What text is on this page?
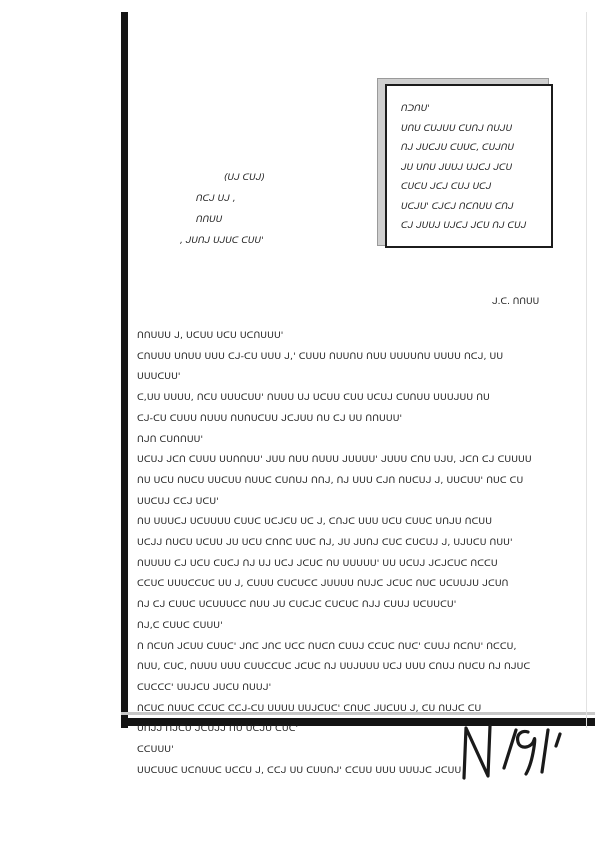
ᑎᑐᑎᑌ'
ᑌᑎᑌ ᑕᑌᒍᑌᑌ ᑕᑌᑎᒍ ᑎᑌᒍᑌ
ᑎᒍ ᒍᑌᑕᒍᑌ ᑕᑌᑌᑕ, ᑕᑌᒍᑎᑌ
ᒍᑌ ᑌᑎᑌ ᒍᑌᑌᒍ ᑌᒍᑕᒍ ᒍᑕᑌ
ᑕᑌᑕᑌ ᒍᑕᒍ ᑕᑌᒍ ᑌᑕᒍ
ᑌᑕᒍᑌ' ᑕᒍᑕᒍ ᑎᑕᑎᑌᑌ ᑕᑎᒍ
ᑕᒍ ᒍᑌᑌᒍ ᑌᒍᑕᒍ ᒍᑕᑌ ᑎᒍ ᑕᑌᒍ
(ᑌᒍ ᑕᑌᒍ)
ᑎᑕᒍ ᑌᒍ ,
ᑎᑎᑌᑌ
, ᒍᑌᑎᒍ ᑌᒍᑌᑕ ᑕᑌᑌ'
ᒍ.ᑕ. ᑎᑎᑌᑌ
ᑎᑎᑌᑌᑌ ᒍ, ᑌᑕᑌᑌ ᑌᑕᑌ ᑌᑕᑎᑌᑌᑌ'
ᑕᑎᑌᑌᑌ ᑌᑎᑌᑌ ᑌᑌᑌ ᑕᒍ-ᑕᑌ ᑌᑌᑌ ᒍ,' ᑕᑌᑌᑌ ᑎᑌᑌᑎᑌ ᑎᑌᑌ ᑌᑌᑌᑌᑎᑌ ᑌᑌᑌᑌ ᑎᑕᒍ, ᑌᑌ
ᑌᑌᑌᑕᑌᑌ'
ᑕ,ᑌᑌ ᑌᑌᑌᑌ, ᑎᑕᑌ ᑌᑌᑌᑕᑌᑌ' ᑎᑌᑌᑌ ᑌᒍ ᑌᑕᑌᑌ ᑕᑌᑌ ᑌᑕᑌᒍ ᑕᑌᑎᑌᑌ ᑌᑌᑌᒍᑌᑌ ᑎᑌ
ᑕᒍ-ᑕᑌ ᑕᑌᑌᑌ ᑎᑌᑌᑌ ᑎᑌᑎᑌᑕᑌᑌ ᒍᑕᒍᑌᑌ ᑎᑌ ᑕᒍ ᑌᑌ ᑎᑎᑌᑌᑌ'
ᑎᒍᑎ ᑕᑌᑎᑎᑌᑌ'
ᑌᑕᑌᒍ ᒍᑕᑎ ᑕᑌᑌᑌ ᑌᑌᑎᑎᑌᑌ' ᒍᑌᑌ ᑎᑌᑌ ᑎᑌᑌᑌ ᒍᑌᑌᑌᑌ' ᒍᑌᑌᑌ ᑕᑎᑌ ᑌᒍᑌ, ᒍᑕᑎ ᑕᒍ ᑕᑌᑌᑌᑌ
ᑎᑌ ᑌᑕᑌ ᑎᑌᑕᑌ ᑌᑌᑕᑌᑌ ᑎᑌᑌᑕ ᑕᑌᑎᑌᒍ ᑎᑎᒍ, ᑎᒍ ᑌᑌᑌ ᑕᒍᑎ ᑎᑌᑕᑌᒍ ᒍ, ᑌᑌᑕᑌᑌ' ᑎᑌᑕ ᑕᑌ
ᑌᑌᑕᑌᒍ ᑕᑕᒍ ᑌᑕᑌ'
ᑎᑌ ᑌᑌᑌᑕᒍ ᑌᑕᑌᑌᑌᑌ ᑕᑌᑌᑕ ᑌᑕᒍᑕᑌ ᑌᑕ ᒍ, ᑕᑎᒍᑕ ᑌᑌᑌ ᑌᑕᑌ ᑕᑌᑌᑕ ᑌᑎᒍᑌ ᑎᑕᑌᑌ
ᑌᑕᒍᒍ ᑎᑌᑕᑌ ᑌᑕᑌᑌ ᒍᑌ ᑌᑕᑌ ᑕᑎᑎᑕ ᑌᑌᑕ ᑎᒍ, ᒍᑌ ᒍᑌᑎᒍ ᑕᑌᑕ ᑕᑌᑕᑌᒍ ᒍ, ᑌᒍᑌᑕᑌ ᑎᑌᑌ'
ᑎᑌᑌᑌᑌ ᑕᒍ ᑌᑕᑌ ᑕᑌᑕᒍ ᑎᒍ ᑌᒍ ᑌᑕᒍ ᒍᑕᑌᑕ ᑎᑌ ᑌᑌᑌᑌᑌ' ᑌᑌ ᑌᑕᑌᒍ ᒍᑕᒍᑕᑌᑕ ᑎᑕᑕᑌ
ᑕᑕᑌᑕ ᑌᑌᑌᑕᑕᑌᑕ ᑌᑌ ᒍ, ᑕᑌᑌᑌ ᑕᑌᑕᑌᑕᑕ ᒍᑌᑌᑌᑌ ᑎᑌᒍᑕ ᒍᑕᑌᑕ ᑎᑌᑕ ᑌᑕᑌᑌᒍᑌ ᒍᑕᑌᑎ
ᑎᒍ ᑕᒍ ᑕᑌᑌᑕ ᑌᑕᑌᑌᑌᑕᑕ ᑎᑌᑌ ᒍᑌ ᑕᑌᑕᒍᑕ ᑕᑌᑕᑌᑕ ᑎᒍᒍ ᑕᑌᑌᒍ ᑌᑕᑌᑌᑕᑌ'
ᑎᒍ,ᑕ ᑕᑌᑌᑕ ᑕᑌᑌᑌ'
ᑎ ᑎᑕᑌᑎ ᒍᑕᑌᑌ ᑕᑌᑌᑕ' ᒍᑎᑕ ᒍᑎᑕ ᑌᑕᑕ ᑎᑌᑕᑎ ᑕᑌᑌᒍ ᑕᑕᑌᑕ ᑎᑌᑕ' ᑕᑌᑌᒍ ᑎᑕᑎᑌ' ᑎᑕᑕᑌ,
ᑎᑌᑌ, ᑕᑌᑕ, ᑎᑌᑌᑌ ᑌᑌᑌ ᑕᑌᑌᑕᑕᑌᑕ ᒍᑕᑌᑕ ᑎᒍ ᑌᑌᒍᑌᑌᑌ ᑌᑕᒍ ᑌᑌᑌ ᑕᑎᑌᒍ ᑎᑌᑕᑌ ᑎᒍ ᑎᒍᑌᑕ
ᑕᑌᑕᑕᑕ' ᑌᑌᒍᑕᑌ ᒍᑌᑕᑌ ᑎᑌᑌᒍ'
ᑎᑕᑌᑕ ᑎᑌᑌᑕ ᑕᑕᑌᑕ ᑕᑕᒍ-ᑕᑌ ᑌᑌᑌᑌ ᑌᑌᒍᑕᑌᑕ' ᑕᑎᑌᑕ ᒍᑌᑕᑌᑌ ᒍ, ᑕᑌ ᑎᑌᒍᑕ ᑕᑌ
ᑌᑎᒍᒍ ᑎᒍᑕᑌ ᒍᑕᑌᒍᒍ ᑎᑌ ᑌᑕᒍᑌ ᑕᑌᑕ'
ᑕᑕᑌᑌᑌ'
ᑌᑌᑕᑌᑌᑕ ᑌᑕᑎᑌᑌᑕ ᑌᑕᑕᑌ ᒍ, ᑕᑕᒍ ᑌᑌ ᑕᑌᑌᑎᒍ' ᑕᑕᑌᑌ ᑌᑌᑌ ᑌᑌᑌᒍᑕ ᒍᑕᑌᑌ
